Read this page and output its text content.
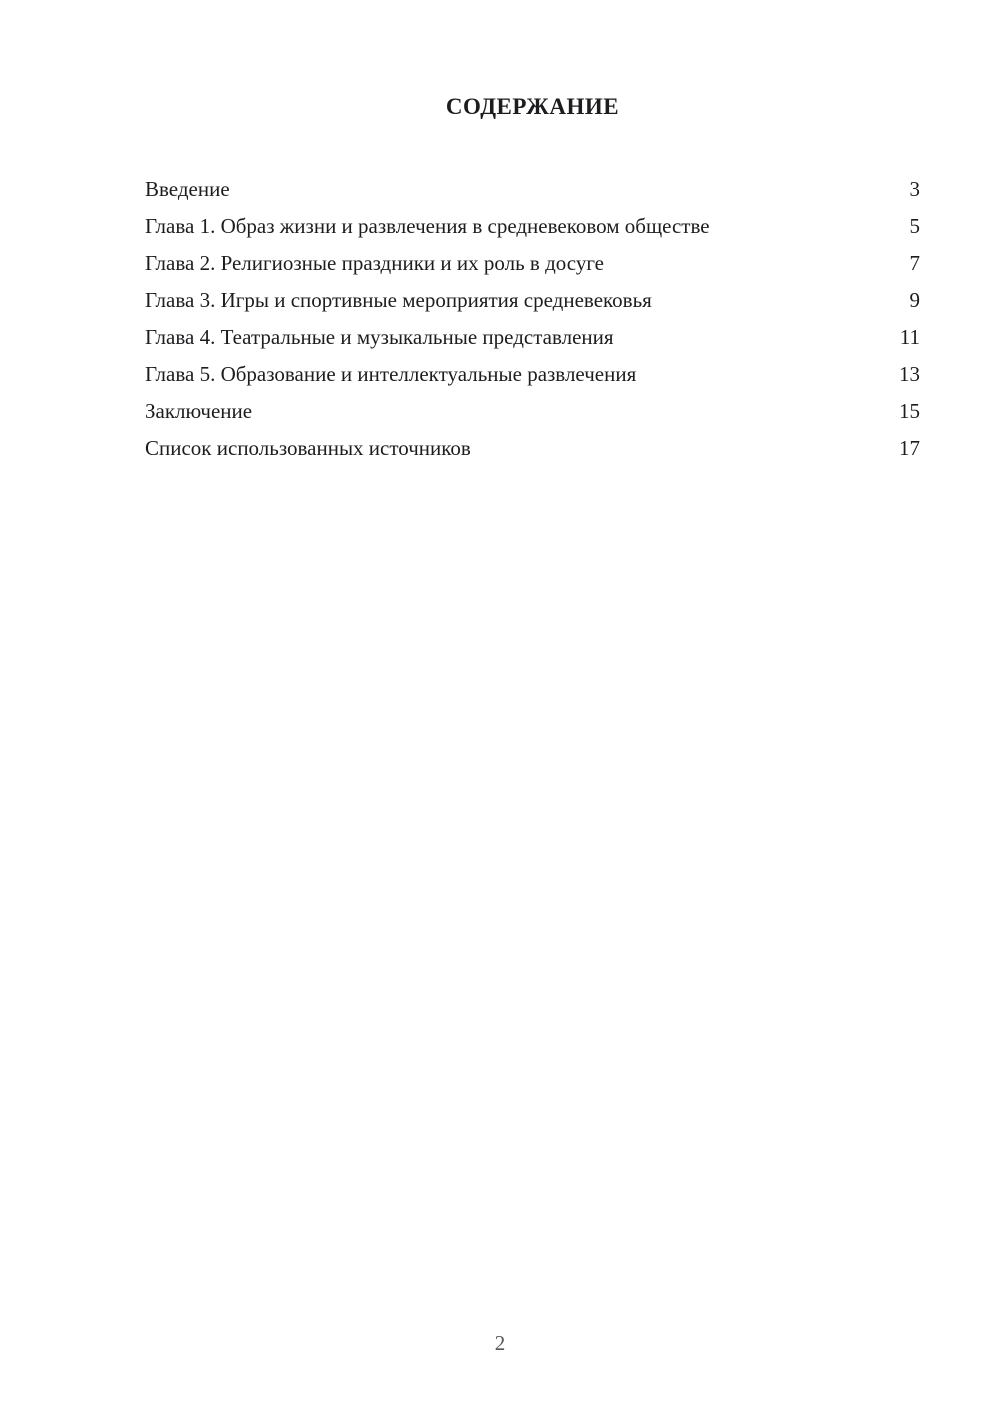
СОДЕРЖАНИЕ
Введение	3
Глава 1. Образ жизни и развлечения в средневековом обществе	5
Глава 2. Религиозные праздники и их роль в досуге	7
Глава 3. Игры и спортивные мероприятия средневековья	9
Глава 4. Театральные и музыкальные представления	11
Глава 5. Образование и интеллектуальные развлечения	13
Заключение	15
Список использованных источников	17
2
